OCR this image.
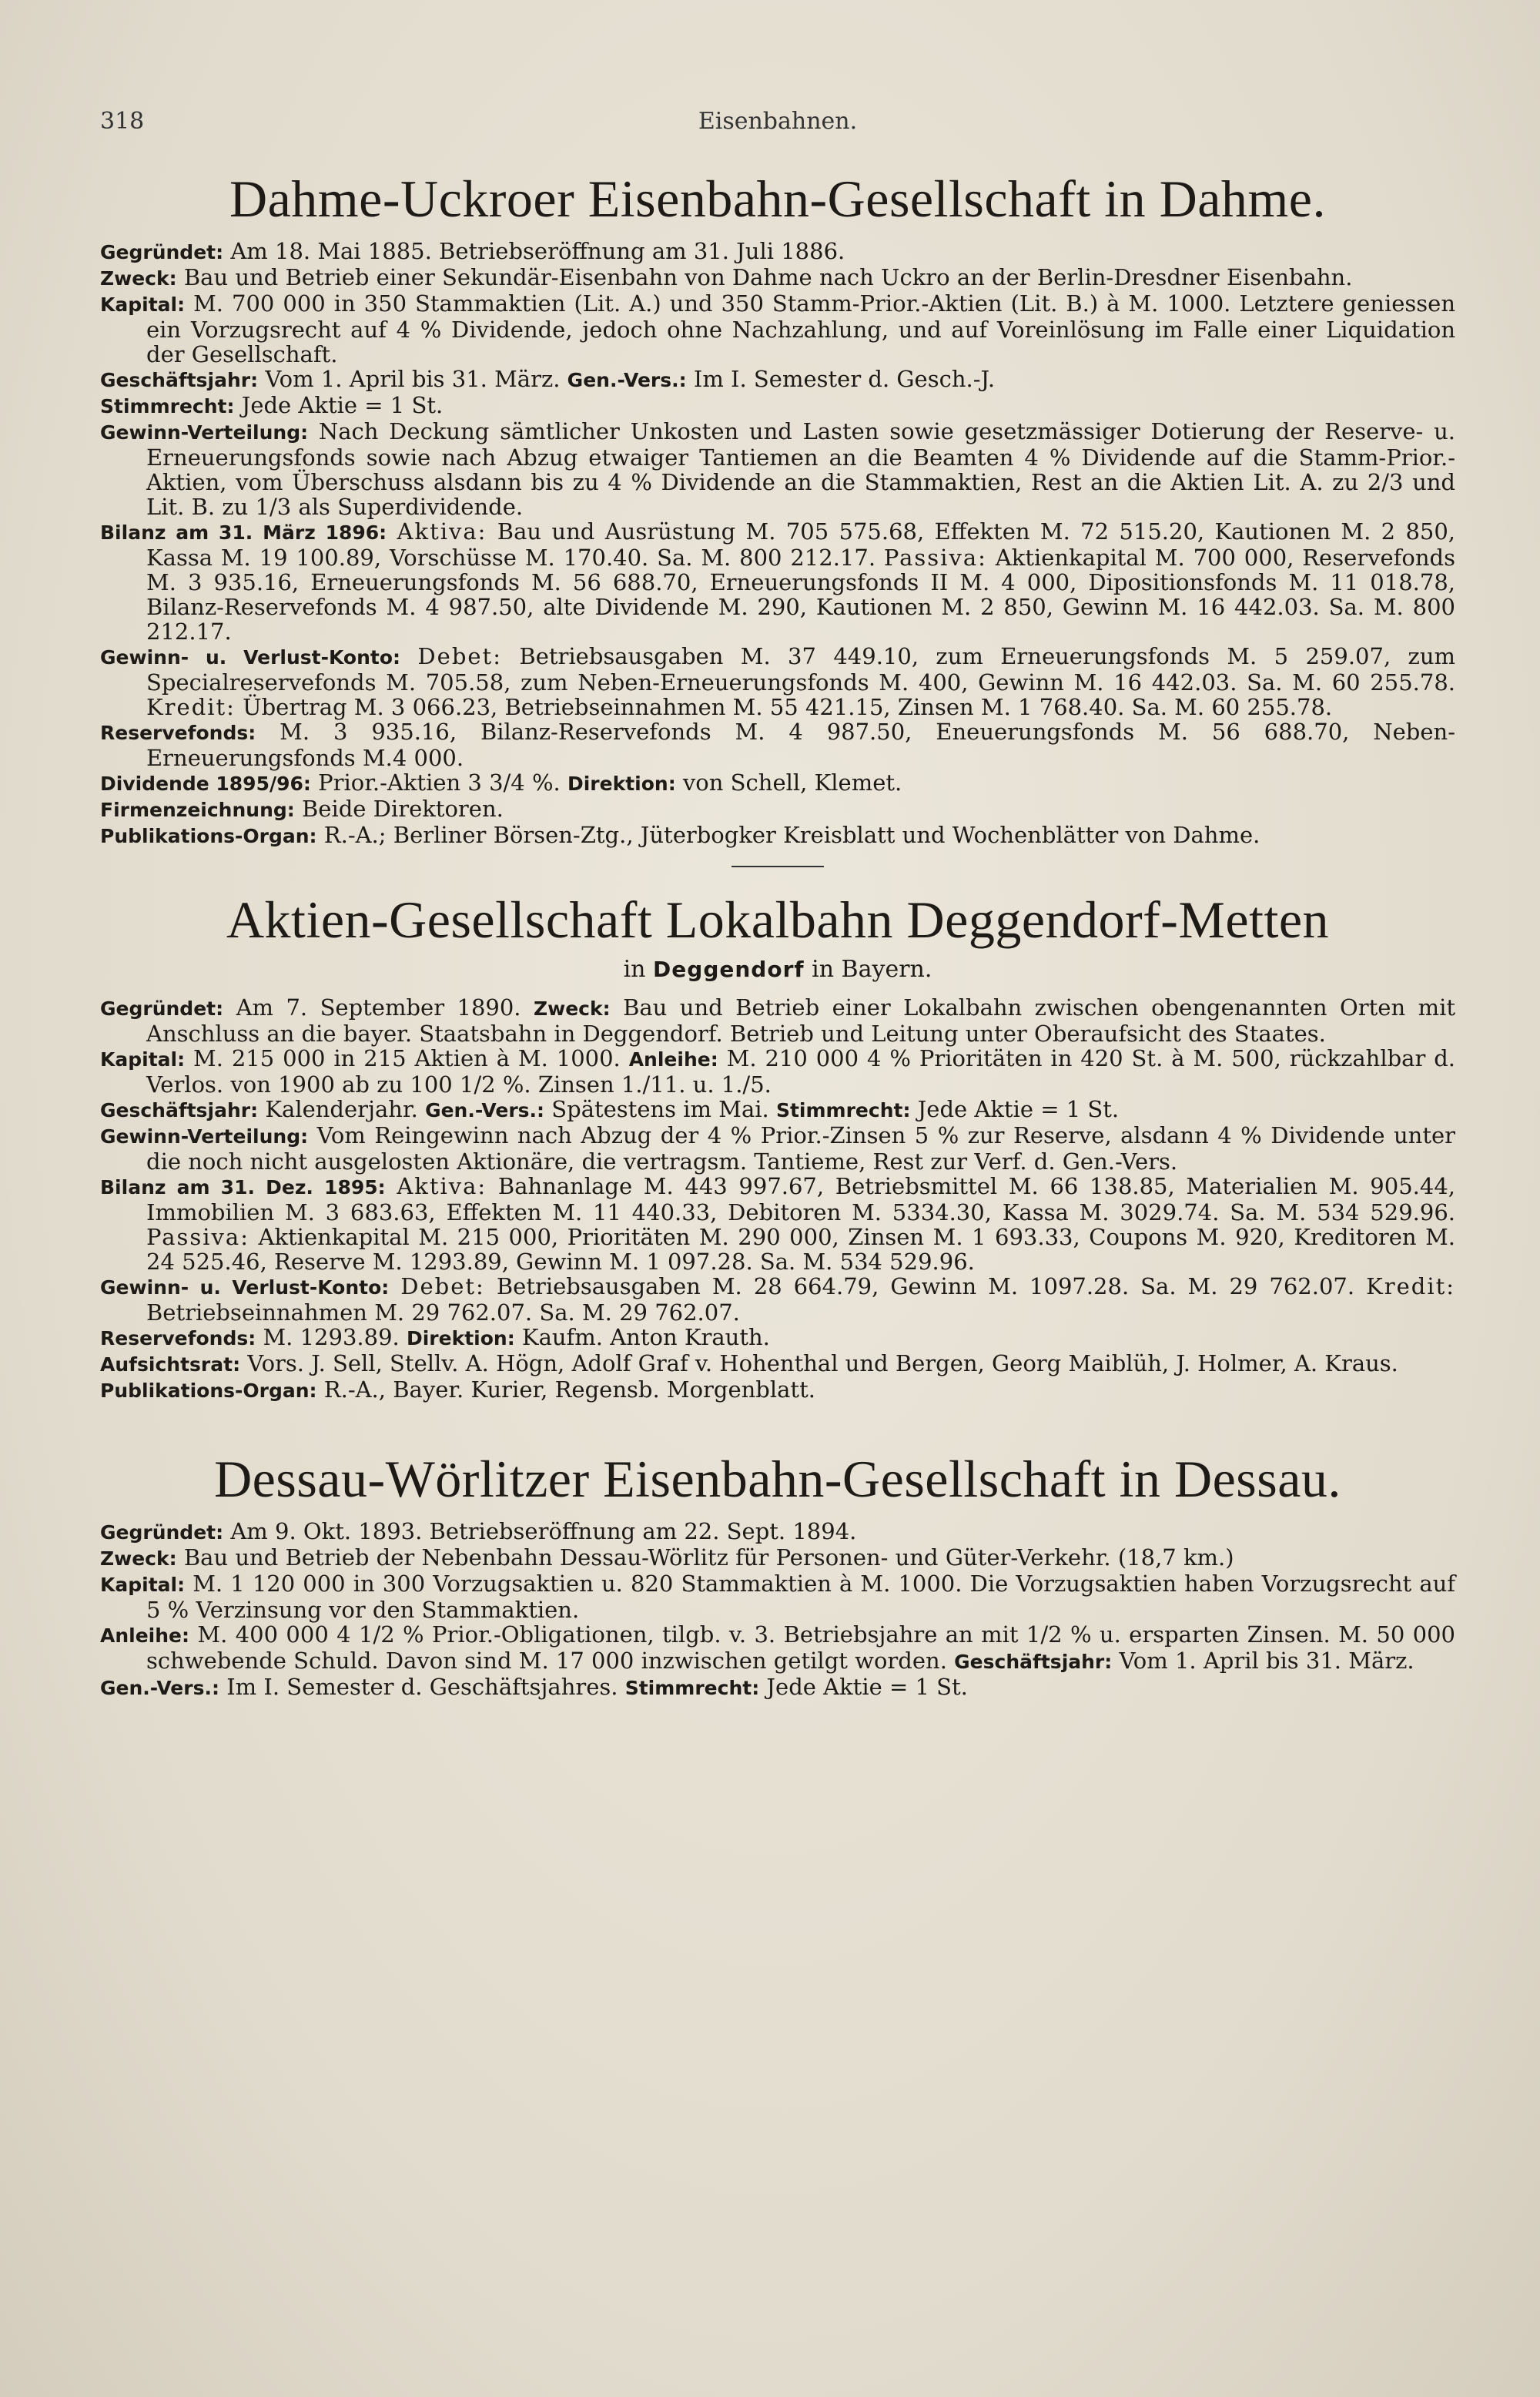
318	Eisenbahnen.
Dahme-Uckroer Eisenbahn-Gesellschaft in Dahme.

Gegründet: Am 18. Mai 1885. Betriebseröffnung am 31. Juli 1886.

Zweck: Bau und Betrieb einer Sekundär-Eisenbahn von Dahme nach Uckro an der Berlin-Dresdner Eisenbahn.

Kapital: M. 700 000 in 350 Stammaktien (Lit. A.) und 350 Stamm-Prior.-Aktien (Lit. B.) à M. 1000. Letztere geniessen ein Vorzugsrecht auf 4 % Dividende, jedoch ohne Nachzahlung, und auf Voreinlösung im Falle einer Liquidation der Gesellschaft.

Geschäftsjahr: Vom 1. April bis 31. März. Gen.-Vers.: Im I. Semester d. Gesch.-J.

Stimmrecht: Jede Aktie = 1 St.

Gewinn-Verteilung: Nach Deckung sämtlicher Unkosten und Lasten sowie gesetzmässiger Dotierung der Reserve- u. Erneuerungsfonds sowie nach Abzug etwaiger Tantiemen an die Beamten 4 % Dividende auf die Stamm-Prior.-Aktien, vom Überschuss alsdann bis zu 4 % Dividende an die Stammaktien, Rest an die Aktien Lit. A. zu 2/3 und Lit. B. zu 1/3 als Superdividende.

Bilanz am 31. März 1896: Aktiva: Bau und Ausrüstung M. 705 575.68, Effekten M. 72 515.20, Kautionen M. 2 850, Kassa M. 19 100.89, Vorschüsse M. 170.40. Sa. M. 800 212.17. Passiva: Aktienkapital M. 700 000, Reservefonds M. 3 935.16, Erneuerungsfonds M. 56 688.70, Erneuerungsfonds II M. 4 000, Dipositionsfonds M. 11 018.78, Bilanz-Reservefonds M. 4 987.50, alte Dividende M. 290, Kautionen M. 2 850, Gewinn M. 16 442.03. Sa. M. 800 212.17.

Gewinn- u. Verlust-Konto: Debet: Betriebsausgaben M. 37 449.10, zum Erneuerungsfonds M. 5 259.07, zum Specialreservefonds M. 705.58, zum Neben-Erneuerungsfonds M. 400, Gewinn M. 16 442.03. Sa. M. 60 255.78. Kredit: Übertrag M. 3 066.23, Betriebseinnahmen M. 55 421.15, Zinsen M. 1 768.40. Sa. M. 60 255.78.

Reservefonds: M. 3 935.16, Bilanz-Reservefonds M. 4 987.50, Eneuerungsfonds M. 56 688.70, Neben-Erneuerungsfonds M.4 000.

Dividende 1895/96: Prior.-Aktien 3 3/4 %. Direktion: von Schell, Klemet.

Firmenzeichnung: Beide Direktoren.

Publikations-Organ: R.-A.; Berliner Börsen-Ztg., Jüterbogker Kreisblatt und Wochenblätter von Dahme.

Aktien-Gesellschaft Lokalbahn Deggendorf-Metten
in Deggendorf in Bayern.

Gegründet: Am 7. September 1890. Zweck: Bau und Betrieb einer Lokalbahn zwischen obengenannten Orten mit Anschluss an die bayer. Staatsbahn in Deggendorf. Betrieb und Leitung unter Oberaufsicht des Staates.

Kapital: M. 215 000 in 215 Aktien à M. 1000. Anleihe: M. 210 000 4 % Prioritäten in 420 St. à M. 500, rückzahlbar d. Verlos. von 1900 ab zu 100 1/2 %. Zinsen 1./11. u. 1./5.

Geschäftsjahr: Kalenderjahr. Gen.-Vers.: Spätestens im Mai. Stimmrecht: Jede Aktie = 1 St.

Gewinn-Verteilung: Vom Reingewinn nach Abzug der 4 % Prior.-Zinsen 5 % zur Reserve, alsdann 4 % Dividende unter die noch nicht ausgelosten Aktionäre, die vertragsm. Tantieme, Rest zur Verf. d. Gen.-Vers.

Bilanz am 31. Dez. 1895: Aktiva: Bahnanlage M. 443 997.67, Betriebsmittel M. 66 138.85, Materialien M. 905.44, Immobilien M. 3 683.63, Effekten M. 11 440.33, Debitoren M. 5334.30, Kassa M. 3029.74. Sa. M. 534 529.96. Passiva: Aktienkapital M. 215 000, Prioritäten M. 290 000, Zinsen M. 1 693.33, Coupons M. 920, Kreditoren M. 24 525.46, Reserve M. 1293.89, Gewinn M. 1 097.28. Sa. M. 534 529.96.

Gewinn- u. Verlust-Konto: Debet: Betriebsausgaben M. 28 664.79, Gewinn M. 1097.28. Sa. M. 29 762.07. Kredit: Betriebseinnahmen M. 29 762.07. Sa. M. 29 762.07.

Reservefonds: M. 1293.89. Direktion: Kaufm. Anton Krauth.

Aufsichtsrat: Vors. J. Sell, Stellv. A. Högn, Adolf Graf v. Hohenthal und Bergen, Georg Maiblüh, J. Holmer, A. Kraus.

Publikations-Organ: R.-A., Bayer. Kurier, Regensb. Morgenblatt.

Dessau-Wörlitzer Eisenbahn-Gesellschaft in Dessau.

Gegründet: Am 9. Okt. 1893. Betriebseröffnung am 22. Sept. 1894.

Zweck: Bau und Betrieb der Nebenbahn Dessau-Wörlitz für Personen- und Güter-Verkehr. (18,7 km.)

Kapital: M. 1 120 000 in 300 Vorzugsaktien u. 820 Stammaktien à M. 1000. Die Vorzugsaktien haben Vorzugsrecht auf 5 % Verzinsung vor den Stammaktien.

Anleihe: M. 400 000 4 1/2 % Prior.-Obligationen, tilgb. v. 3. Betriebsjahre an mit 1/2 % u. ersparten Zinsen. M. 50 000 schwebende Schuld. Davon sind M. 17 000 inzwischen getilgt worden. Geschäftsjahr: Vom 1. April bis 31. März.

Gen.-Vers.: Im I. Semester d. Geschäftsjahres. Stimmrecht: Jede Aktie = 1 St.
